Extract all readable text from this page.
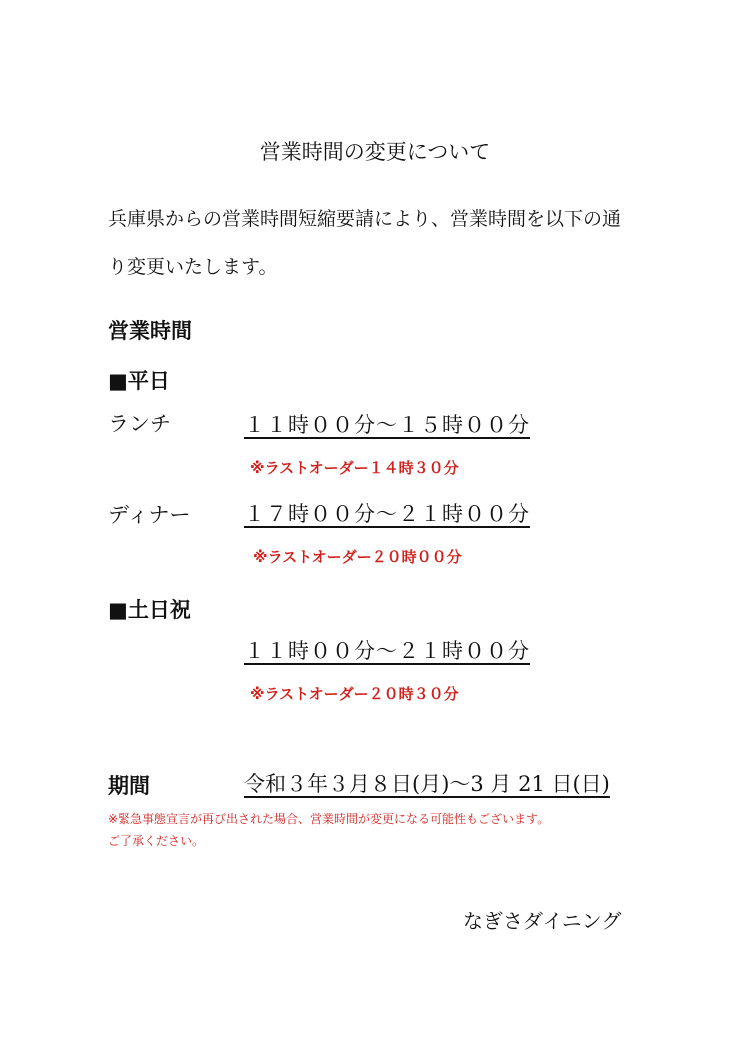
営業時間の変更について
兵庫県からの営業時間短縮要請により、営業時間を以下の通
り変更いたします。
営業時間
■平日
ランチ	１１時００分～１５時００分
※ラストオーダー１４時３０分
ディナー	１７時００分～２１時００分
※ラストオーダー２０時００分
■土日祝
１１時００分～２１時００分
※ラストオーダー２０時３０分
期間	令和３年３月８日(月)～3 月 21 日(日)
※緊急事態宣言が再び出された場合、営業時間が変更になる可能性もございます。
ご了承ください。
なぎさダイニング
